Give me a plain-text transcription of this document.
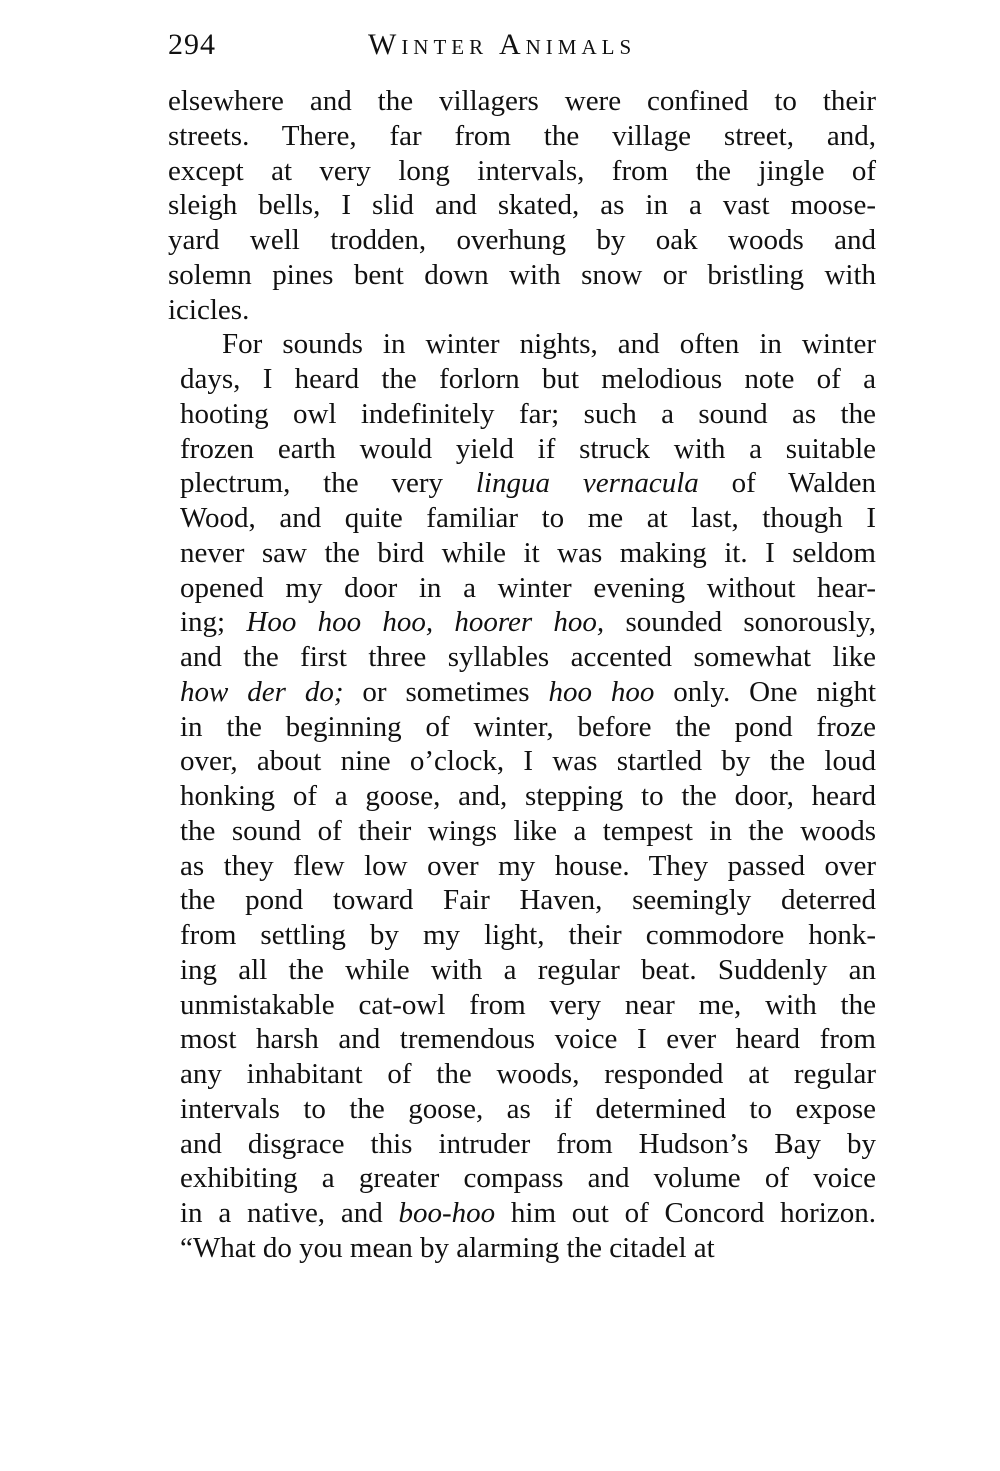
294	Winter Animals
elsewhere and the villagers were confined to their
streets. There, far from the village street, and,
except at very long intervals, from the jingle of
sleigh bells, I slid and skated, as in a vast moose-
yard well trodden, overhung by oak woods and
solemn pines bent down with snow or bristling with
icicles.
For sounds in winter nights, and often in winter
days, I heard the forlorn but melodious note of a
hooting owl indefinitely far; such a sound as the
frozen earth would yield if struck with a suitable
plectrum, the very lingua vernacula of Walden
Wood, and quite familiar to me at last, though I
never saw the bird while it was making it. I seldom
opened my door in a winter evening without hear-
ing; Hoo hoo hoo, hoorer hoo, sounded sonorously,
and the first three syllables accented somewhat like
how der do; or sometimes hoo hoo only. One night
in the beginning of winter, before the pond froze
over, about nine o’clock, I was startled by the loud
honking of a goose, and, stepping to the door, heard
the sound of their wings like a tempest in the woods
as they flew low over my house. They passed over
the pond toward Fair Haven, seemingly deterred
from settling by my light, their commodore honk-
ing all the while with a regular beat. Suddenly an
unmistakable cat-owl from very near me, with the
most harsh and tremendous voice I ever heard from
any inhabitant of the woods, responded at regular
intervals to the goose, as if determined to expose
and disgrace this intruder from Hudson’s Bay by
exhibiting a greater compass and volume of voice
in a native, and boo-hoo him out of Concord horizon.
“What do you mean by alarming the citadel at
